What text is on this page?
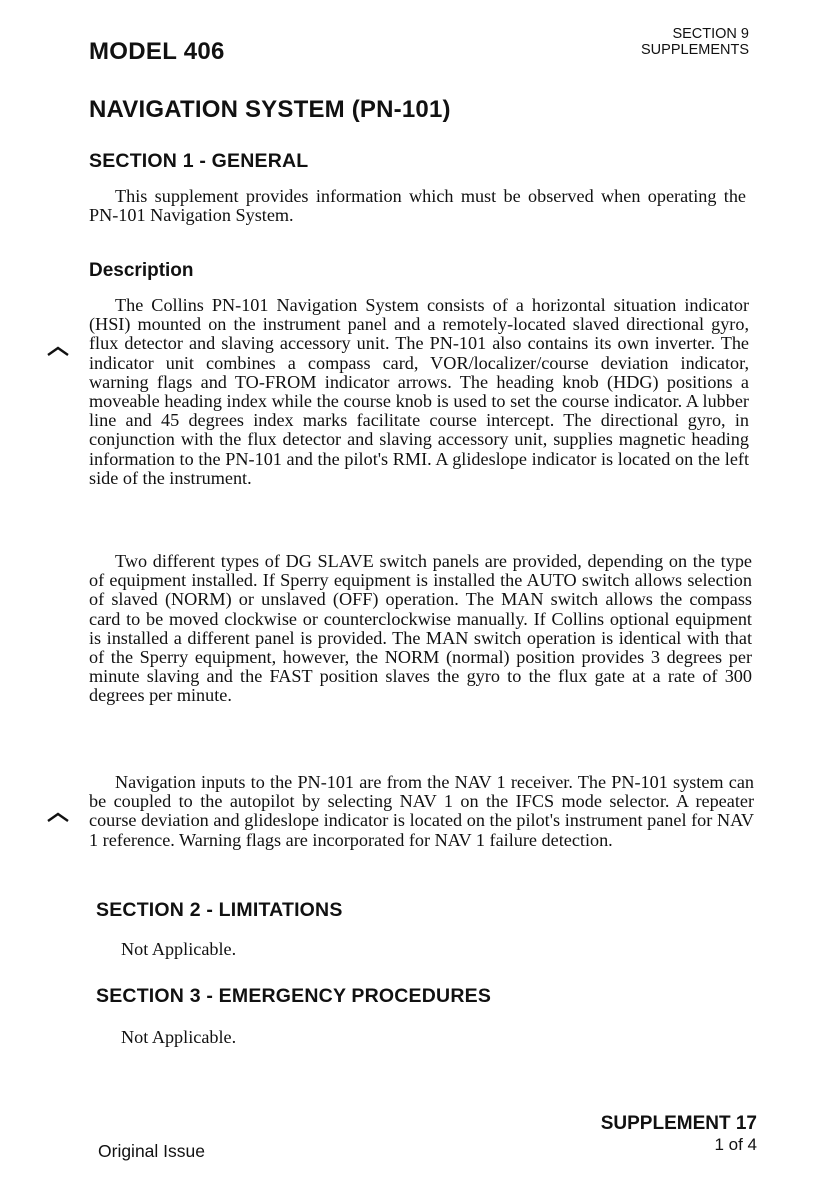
MODEL 406
SECTION 9
SUPPLEMENTS
NAVIGATION SYSTEM (PN-101)
SECTION 1 - GENERAL

This supplement provides information which must be observed when operating the PN-101 Navigation System.

Description

The Collins PN-101 Navigation System consists of a horizontal situation indicator (HSI) mounted on the instrument panel and a remotely-located slaved directional gyro, flux detector and slaving accessory unit. The PN-101 also contains its own inverter. The indicator unit combines a compass card, VOR/localizer/course deviation indicator, warning flags and TO-FROM indicator arrows. The heading knob (HDG) positions a moveable heading index while the course knob is used to set the course indicator. A lubber line and 45 degrees index marks facilitate course intercept. The directional gyro, in conjunction with the flux detector and slaving accessory unit, supplies magnetic heading information to the PN-101 and the pilot's RMI. A glideslope indicator is located on the left side of the instrument.

Two different types of DG SLAVE switch panels are provided, depending on the type of equipment installed. If Sperry equipment is installed the AUTO switch allows selection of slaved (NORM) or unslaved (OFF) operation. The MAN switch allows the compass card to be moved clockwise or counterclockwise manually. If Collins optional equipment is installed a different panel is provided. The MAN switch operation is identical with that of the Sperry equipment, however, the NORM (normal) position provides 3 degrees per minute slaving and the FAST position slaves the gyro to the flux gate at a rate of 300 degrees per minute.

Navigation inputs to the PN-101 are from the NAV 1 receiver. The PN-101 system can be coupled to the autopilot by selecting NAV 1 on the IFCS mode selector. A repeater course deviation and glideslope indicator is located on the pilot's instrument panel for NAV 1 reference. Warning flags are incorporated for NAV 1 failure detection.

SECTION 2 - LIMITATIONS
Not Applicable.
SECTION 3 - EMERGENCY PROCEDURES
Not Applicable.
SUPPLEMENT 17
1 of 4
Original Issue
